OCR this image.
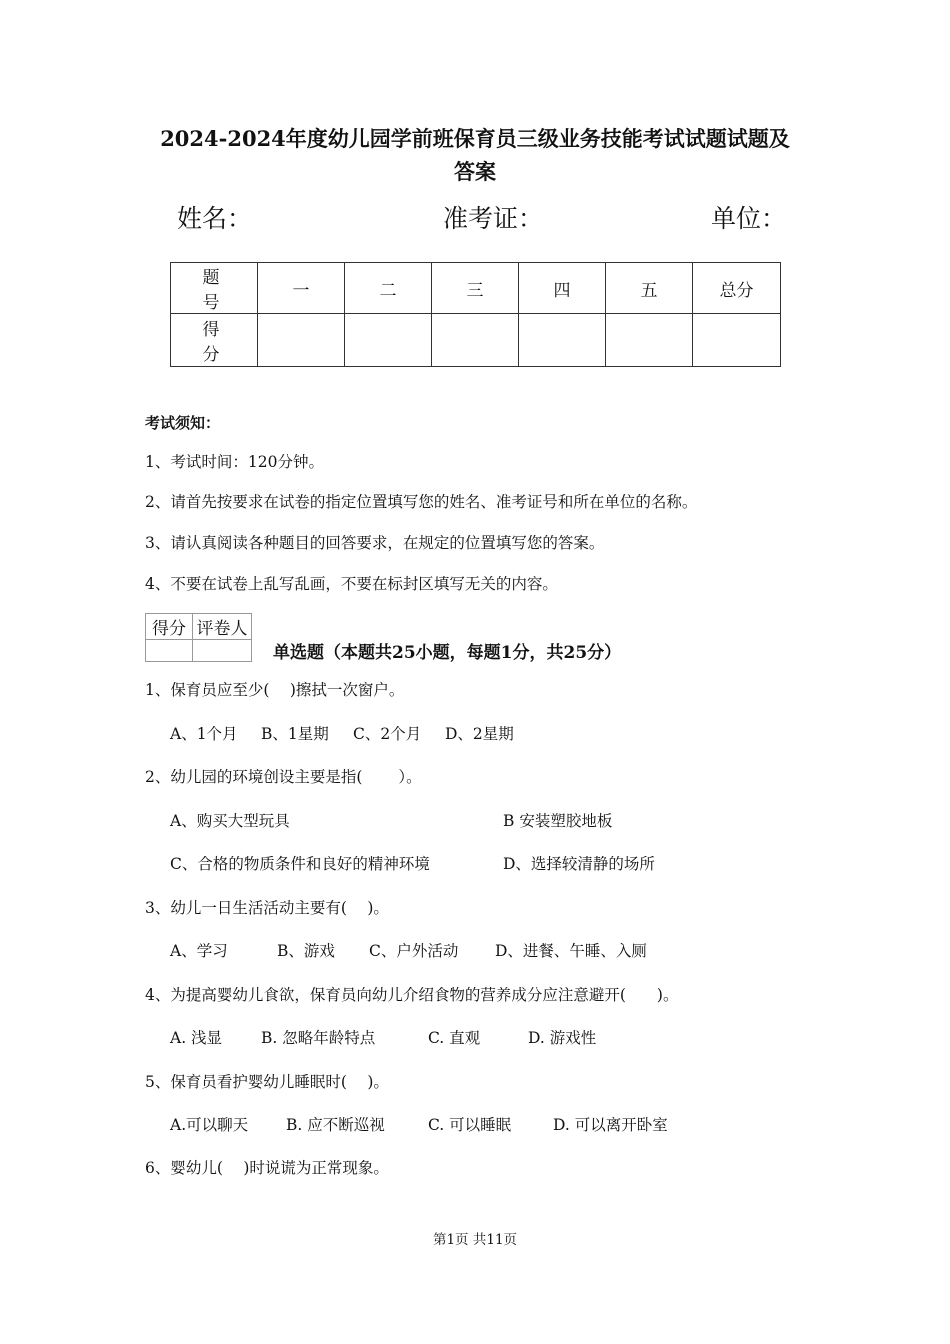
2024-2024年度幼儿园学前班保育员三级业务技能考试试题试题及
答案
姓名：	准考证：	单位：
题号	一	二	三	四	五	总分
得分						
考试须知：
1、考试时间：120分钟。
2、请首先按要求在试卷的指定位置填写您的姓名、准考证号和所在单位的名称。
3、请认真阅读各种题目的回答要求，在规定的位置填写您的答案。
4、不要在试卷上乱写乱画，不要在标封区填写无关的内容。
得分	评卷人

单选题（本题共25小题，每题1分，共25分）
1、保育员应至少(　 )擦拭一次窗户。
A、1个月 B、1星期 C、2个月 D、2星期
2、幼儿园的环境创设主要是指(　　 ）。
A、购买大型玩具	B 安装塑胶地板
C、合格的物质条件和良好的精神环境	D、选择较清静的场所
3、幼儿一日生活活动主要有(　 )。
A、学习	B、游戏 C、户外活动 D、进餐、午睡、入厕
4、为提高婴幼儿食欲，保育员向幼儿介绍食物的营养成分应注意避开(　　)。
A. 浅显	B. 忽略年龄特点	C. 直观	D. 游戏性
5、保育员看护婴幼儿睡眠时(　 )。
A.可以聊天 B. 应不断巡视	C. 可以睡眠	D. 可以离开卧室
6、婴幼儿(　 )时说谎为正常现象。
第1页 共11页
